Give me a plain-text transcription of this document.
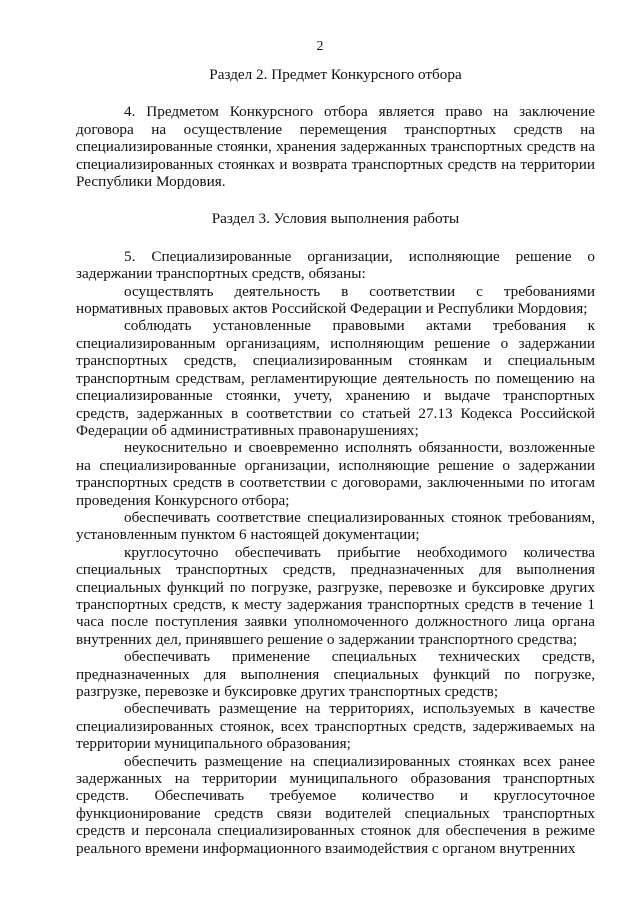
2

Раздел 2. Предмет Конкурсного отбора

4. Предметом Конкурсного отбора является право на заключение договора на осуществление перемещения транспортных средств на специализированные стоянки, хранения задержанных транспортных средств на специализированных стоянках и возврата транспортных средств на территории Республики Мордовия.

Раздел 3. Условия выполнения работы

5. Специализированные организации, исполняющие решение о задержании транспортных средств, обязаны:

осуществлять деятельность в соответствии с требованиями нормативных правовых актов Российской Федерации и Республики Мордовия;

соблюдать установленные правовыми актами требования к специализированным организациям, исполняющим решение о задержании транспортных средств, специализированным стоянкам и специальным транспортным средствам, регламентирующие деятельность по помещению на специализированные стоянки, учету, хранению и выдаче транспортных средств, задержанных в соответствии со статьей 27.13 Кодекса Российской Федерации об административных правонарушениях;

неукоснительно и своевременно исполнять обязанности, возложенные на специализированные организации, исполняющие решение о задержании транспортных средств в соответствии с договорами, заключенными по итогам проведения Конкурсного отбора;

обеспечивать соответствие специализированных стоянок требованиям, установленным пунктом 6 настоящей документации;

круглосуточно обеспечивать прибытие необходимого количества специальных транспортных средств, предназначенных для выполнения специальных функций по погрузке, разгрузке, перевозке и буксировке других транспортных средств, к месту задержания транспортных средств в течение 1 часа после поступления заявки уполномоченного должностного лица органа внутренних дел, принявшего решение о задержании транспортного средства;

обеспечивать применение специальных технических средств, предназначенных для выполнения специальных функций по погрузке, разгрузке, перевозке и буксировке других транспортных средств;

обеспечивать размещение на территориях, используемых в качестве специализированных стоянок, всех транспортных средств, задерживаемых на территории муниципального образования;

обеспечить размещение на специализированных стоянках всех ранее задержанных на территории муниципального образования транспортных средств. Обеспечивать требуемое количество и круглосуточное функционирование средств связи водителей специальных транспортных средств и персонала специализированных стоянок для обеспечения в режиме реального времени информационного взаимодействия с органом внутренних
